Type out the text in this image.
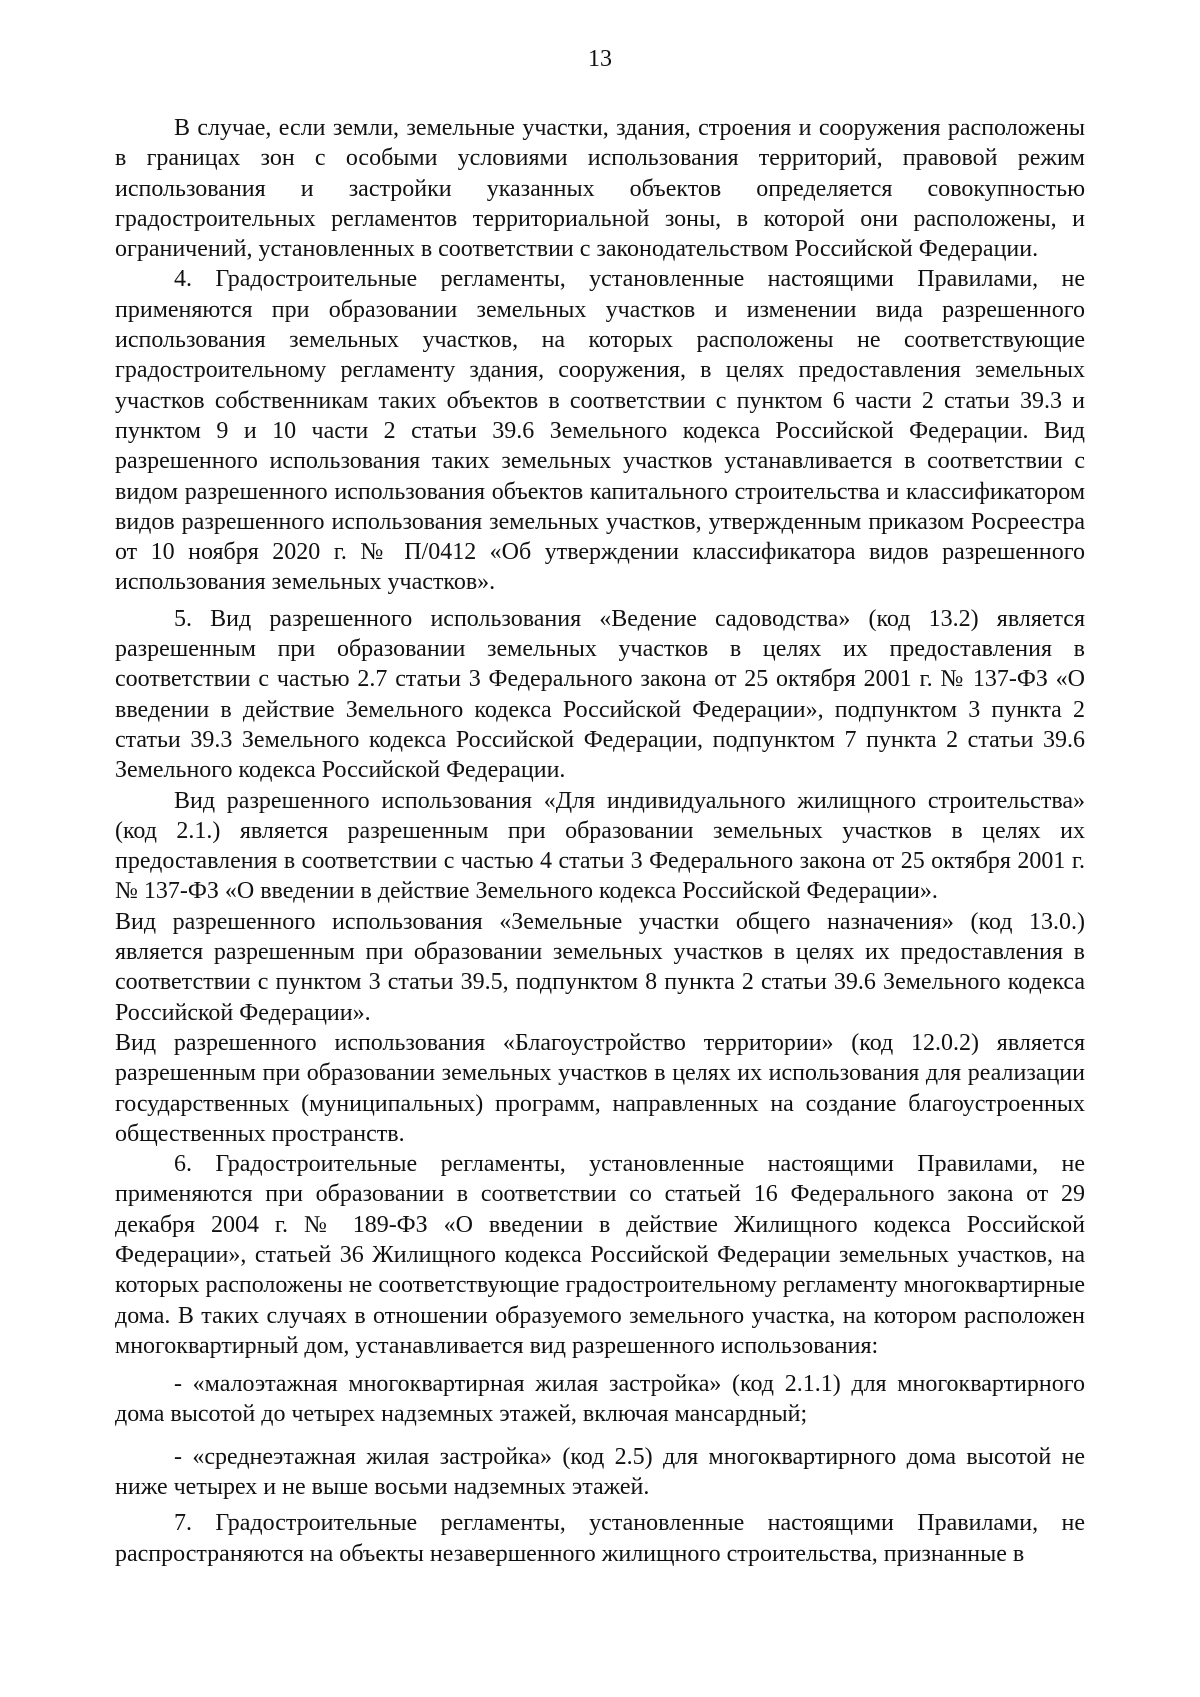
13

В случае, если земли, земельные участки, здания, строения и сооружения расположены в границах зон с особыми условиями использования территорий, правовой режим использования и застройки указанных объектов определяется совокупностью градостроительных регламентов территориальной зоны, в которой они расположены, и ограничений, установленных в соответствии с законодательством Российской Федерации.

4. Градостроительные регламенты, установленные настоящими Правилами, не применяются при образовании земельных участков и изменении вида разрешенного использования земельных участков, на которых расположены не соответствующие градостроительному регламенту здания, сооружения, в целях предоставления земельных участков собственникам таких объектов в соответствии с пунктом 6 части 2 статьи 39.3 и пунктом 9 и 10 части 2 статьи 39.6 Земельного кодекса Российской Федерации. Вид разрешенного использования таких земельных участков устанавливается в соответствии с видом разрешенного использования объектов капитального строительства и классификатором видов разрешенного использования земельных участков, утвержденным приказом Росреестра от 10 ноября 2020 г. № П/0412 «Об утверждении классификатора видов разрешенного использования земельных участков».

5. Вид разрешенного использования «Ведение садоводства» (код 13.2) является разрешенным при образовании земельных участков в целях их предоставления в соответствии с частью 2.7 статьи 3 Федерального закона от 25 октября 2001 г. № 137-ФЗ «О введении в действие Земельного кодекса Российской Федерации», подпунктом 3 пункта 2 статьи 39.3 Земельного кодекса Российской Федерации, подпунктом 7 пункта 2 статьи 39.6 Земельного кодекса Российской Федерации.

Вид разрешенного использования «Для индивидуального жилищного строительства» (код 2.1.) является разрешенным при образовании земельных участков в целях их предоставления в соответствии с частью 4 статьи 3 Федерального закона от 25 октября 2001 г. № 137-ФЗ «О введении в действие Земельного кодекса Российской Федерации».

Вид разрешенного использования «Земельные участки общего назначения» (код 13.0.) является разрешенным при образовании земельных участков в целях их предоставления в соответствии с пунктом 3 статьи 39.5, подпунктом 8 пункта 2 статьи 39.6 Земельного кодекса Российской Федерации».

Вид разрешенного использования «Благоустройство территории» (код 12.0.2) является разрешенным при образовании земельных участков в целях их использования для реализации государственных (муниципальных) программ, направленных на создание благоустроенных общественных пространств.

6. Градостроительные регламенты, установленные настоящими Правилами, не применяются при образовании в соответствии со статьей 16 Федерального закона от 29 декабря 2004 г. № 189-ФЗ «О введении в действие Жилищного кодекса Российской Федерации», статьей 36 Жилищного кодекса Российской Федерации земельных участков, на которых расположены не соответствующие градостроительному регламенту многоквартирные дома. В таких случаях в отношении образуемого земельного участка, на котором расположен многоквартирный дом, устанавливается вид разрешенного использования:

- «малоэтажная многоквартирная жилая застройка» (код 2.1.1) для многоквартирного дома высотой до четырех надземных этажей, включая мансардный;

- «среднеэтажная жилая застройка» (код 2.5) для многоквартирного дома высотой не ниже четырех и не выше восьми надземных этажей.

7. Градостроительные регламенты, установленные настоящими Правилами, не распространяются на объекты незавершенного жилищного строительства, признанные в
